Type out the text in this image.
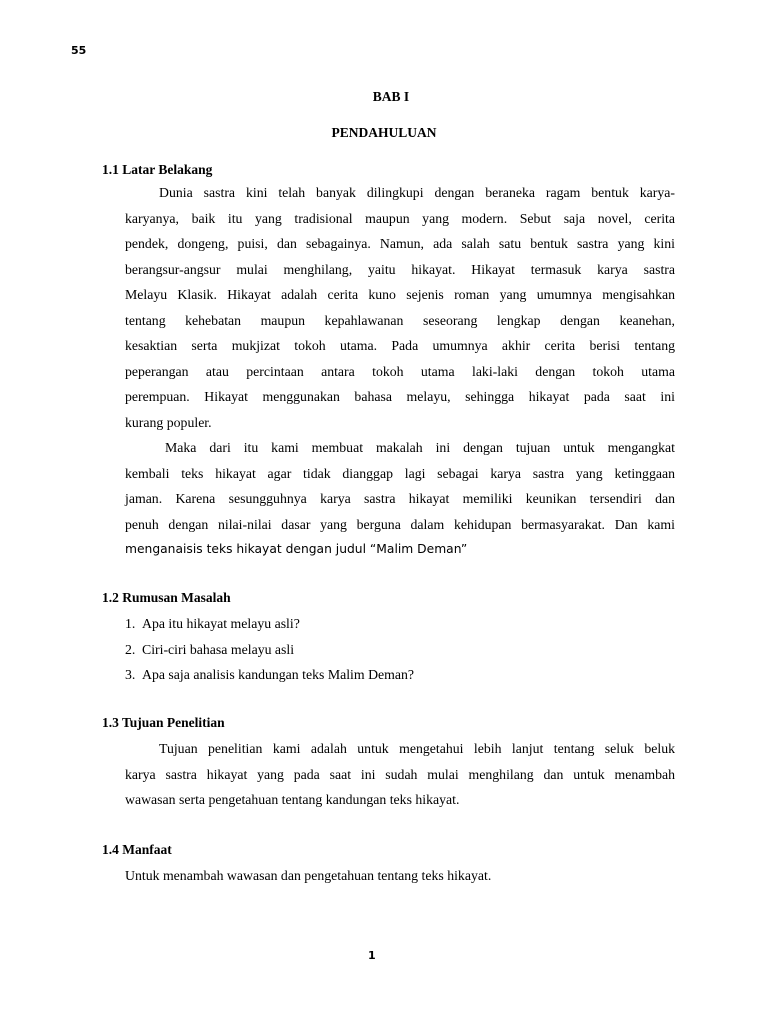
55
BAB I
PENDAHULUAN
1.1 Latar Belakang
Dunia sastra kini telah banyak dilingkupi dengan beraneka ragam bentuk karya-
karyanya, baik itu yang tradisional maupun yang modern. Sebut saja novel, cerita
pendek, dongeng, puisi, dan sebagainya. Namun, ada salah satu bentuk sastra yang kini
berangsur-angsur mulai menghilang, yaitu hikayat. Hikayat termasuk karya sastra
Melayu Klasik. Hikayat adalah cerita kuno sejenis roman yang umumnya mengisahkan
tentang kehebatan maupun kepahlawanan seseorang lengkap dengan keanehan,
kesaktian serta mukjizat tokoh utama. Pada umumnya akhir cerita berisi tentang
peperangan atau percintaan antara tokoh utama laki-laki dengan tokoh utama
perempuan. Hikayat menggunakan bahasa melayu, sehingga hikayat pada saat ini
kurang populer.
Maka dari itu kami membuat makalah ini dengan tujuan untuk mengangkat
kembali teks hikayat agar tidak dianggap lagi sebagai karya sastra yang ketinggaan
jaman. Karena sesungguhnya karya sastra hikayat memiliki keunikan tersendiri dan
penuh dengan nilai-nilai dasar yang berguna dalam kehidupan bermasyarakat. Dan kami
menganaisis teks hikayat dengan judul “Malim Deman”
1.2 Rumusan Masalah
1. Apa itu hikayat melayu asli?
2. Ciri-ciri bahasa melayu asli
3. Apa saja analisis kandungan teks Malim Deman?
1.3 Tujuan Penelitian
Tujuan penelitian kami adalah untuk mengetahui lebih lanjut tentang seluk beluk
karya sastra hikayat yang pada saat ini sudah mulai menghilang dan untuk menambah
wawasan serta pengetahuan tentang kandungan teks hikayat.
1.4 Manfaat
Untuk menambah wawasan dan pengetahuan tentang teks hikayat.
1
